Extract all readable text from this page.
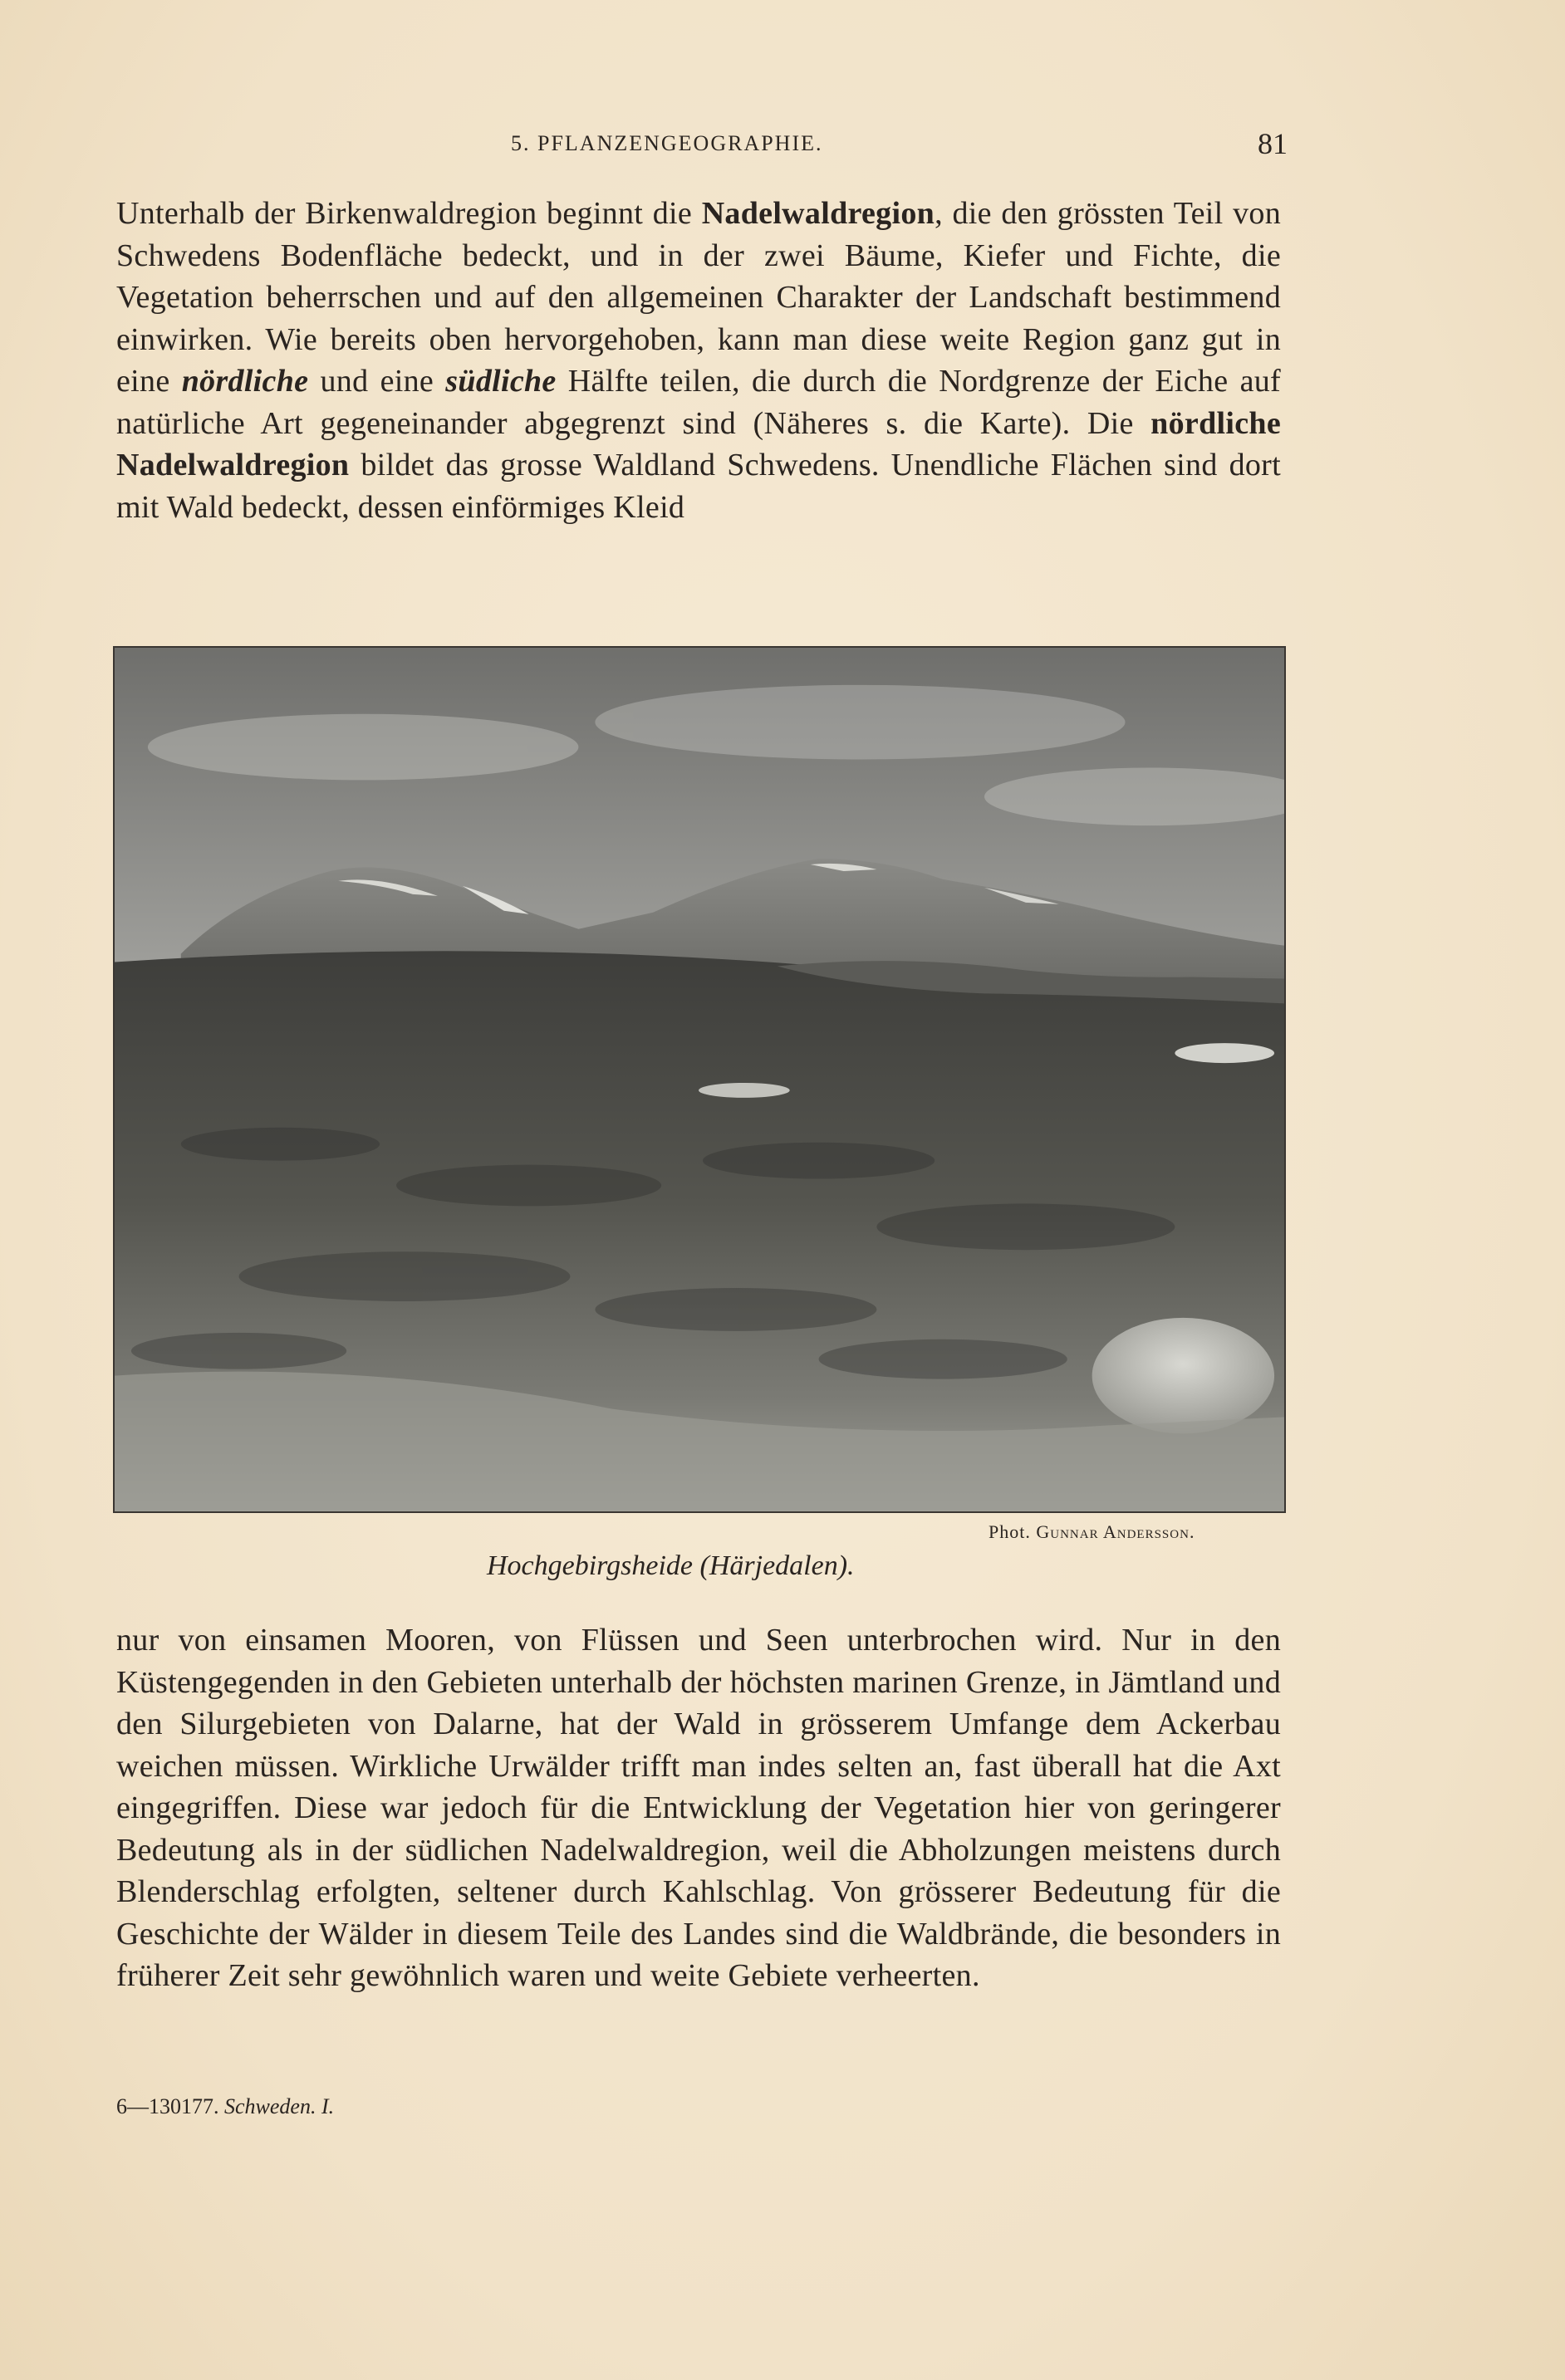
5. PFLANZENGEOGRAPHIE.	81

Unterhalb der Birkenwaldregion beginnt die Nadelwaldregion, die den grössten Teil von Schwedens Bodenfläche bedeckt, und in der zwei Bäume, Kiefer und Fichte, die Vegetation beherrschen und auf den allgemeinen Charakter der Landschaft bestimmend einwirken. Wie bereits oben hervorgehoben, kann man diese weite Region ganz gut in eine nördliche und eine südliche Hälfte teilen, die durch die Nordgrenze der Eiche auf natürliche Art gegeneinander abgegrenzt sind (Näheres s. die Karte). Die nördliche Nadelwaldregion bildet das grosse Waldland Schwedens. Unendliche Flächen sind dort mit Wald bedeckt, dessen einförmiges Kleid

Phot. Gunnar Andersson.
Hochgebirgsheide (Härjedalen).

nur von einsamen Mooren, von Flüssen und Seen unterbrochen wird. Nur in den Küstengegenden in den Gebieten unterhalb der höchsten marinen Grenze, in Jämtland und den Silurgebieten von Dalarne, hat der Wald in grösserem Umfange dem Ackerbau weichen müssen. Wirkliche Urwälder trifft man indes selten an, fast überall hat die Axt eingegriffen. Diese war jedoch für die Entwicklung der Vegetation hier von geringerer Bedeutung als in der südlichen Nadelwaldregion, weil die Abholzungen meistens durch Blenderschlag erfolgten, seltener durch Kahlschlag. Von grösserer Bedeutung für die Geschichte der Wälder in diesem Teile des Landes sind die Waldbrände, die besonders in früherer Zeit sehr gewöhnlich waren und weite Gebiete verheerten.

6—130177. Schweden. I.
